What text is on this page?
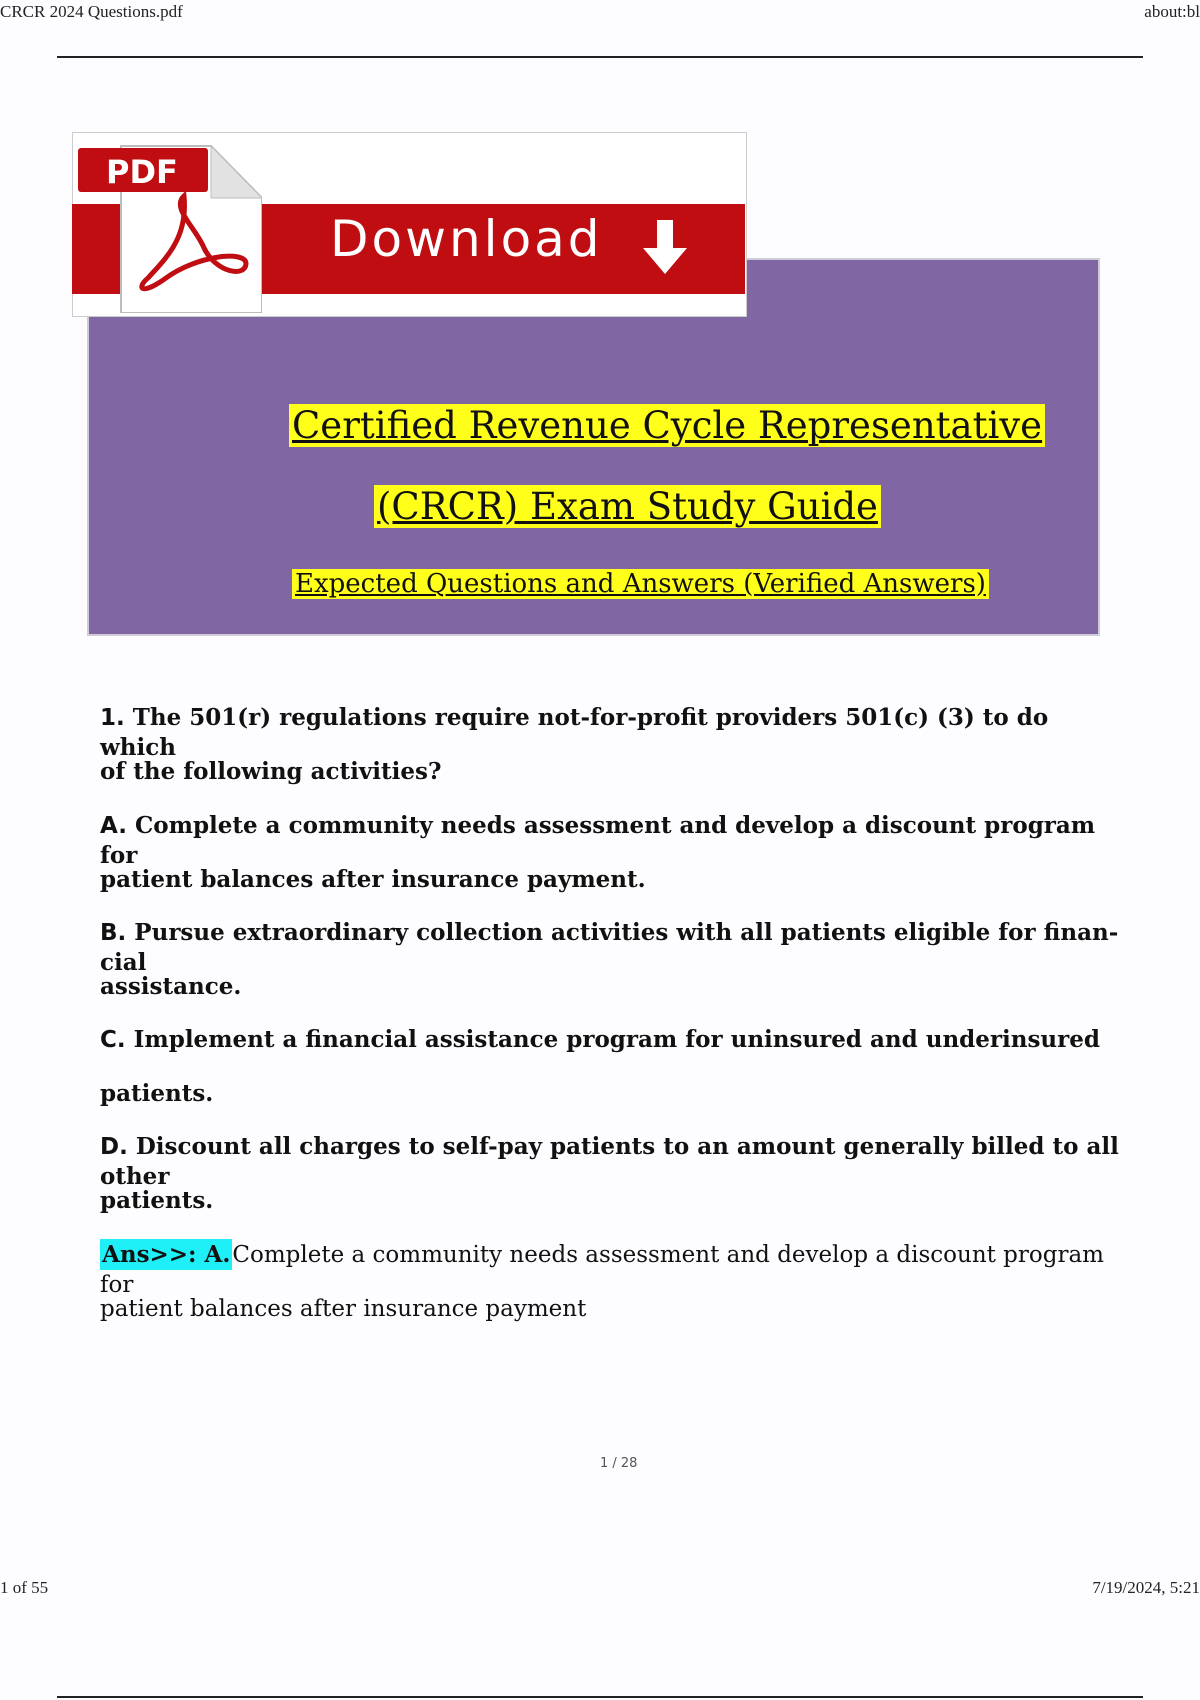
CRCR 2024 Questions.pdf	about:bl
PDF
Download
Certified Revenue Cycle Representative
(CRCR) Exam Study Guide
Expected Questions and Answers (Verified Answers)
1. The 501(r) regulations require not-for-profit providers 501(c) (3) to do which
of the following activities?
A. Complete a community needs assessment and develop a discount program for
patient balances after insurance payment.
B. Pursue extraordinary collection activities with all patients eligible for finan- cial
assistance.
C. Implement a financial assistance program for uninsured and underinsured
patients.
D. Discount all charges to self-pay patients to an amount generally billed to all other
patients.
Ans>>: A.Complete a community needs assessment and develop a discount program for
patient balances after insurance payment
1 / 28
1 of 55	7/19/2024, 5:21
